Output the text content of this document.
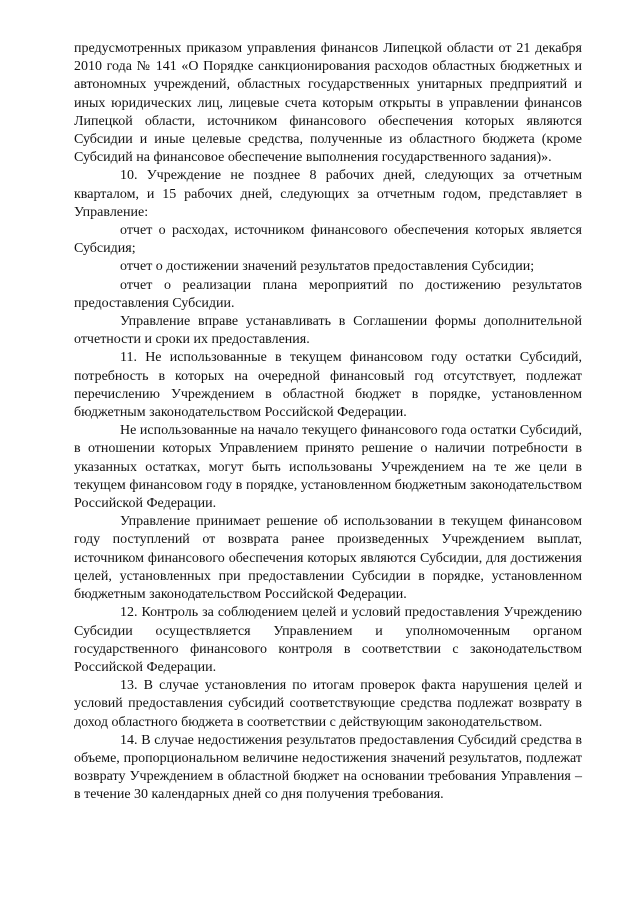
предусмотренных приказом управления финансов Липецкой области от 21 декабря 2010 года № 141 «О Порядке санкционирования расходов областных бюджетных и автономных учреждений, областных государственных унитарных предприятий и иных юридических лиц, лицевые счета которым открыты в управлении финансов Липецкой области, источником финансового обеспечения которых являются Субсидии и иные целевые средства, полученные из областного бюджета (кроме Субсидий на финансовое обеспечение выполнения государственного задания)».

10. Учреждение не позднее 8 рабочих дней, следующих за отчетным кварталом, и 15 рабочих дней, следующих за отчетным годом, представляет в Управление:

отчет о расходах, источником финансового обеспечения которых является Субсидия;

отчет о достижении значений результатов предоставления Субсидии;

отчет о реализации плана мероприятий по достижению результатов предоставления Субсидии.

Управление вправе устанавливать в Соглашении формы дополнительной отчетности и сроки их предоставления.

11. Не использованные в текущем финансовом году остатки Субсидий, потребность в которых на очередной финансовый год отсутствует, подлежат перечислению Учреждением в областной бюджет в порядке, установленном бюджетным законодательством Российской Федерации.

Не использованные на начало текущего финансового года остатки Субсидий, в отношении которых Управлением принято решение о наличии потребности в указанных остатках, могут быть использованы Учреждением на те же цели в текущем финансовом году в порядке, установленном бюджетным законодательством Российской Федерации.

Управление принимает решение об использовании в текущем финансовом году поступлений от возврата ранее произведенных Учреждением выплат, источником финансового обеспечения которых являются Субсидии, для достижения целей, установленных при предоставлении Субсидии в порядке, установленном бюджетным законодательством Российской Федерации.

12. Контроль за соблюдением целей и условий предоставления Учреждению Субсидии осуществляется Управлением и уполномоченным органом государственного финансового контроля в соответствии с законодательством Российской Федерации.

13. В случае установления по итогам проверок факта нарушения целей и условий предоставления субсидий соответствующие средства подлежат возврату в доход областного бюджета в соответствии с действующим законодательством.

14. В случае недостижения результатов предоставления Субсидий средства в объеме, пропорциональном величине недостижения значений результатов, подлежат возврату Учреждением в областной бюджет на основании требования Управления – в течение 30 календарных дней со дня получения требования.
